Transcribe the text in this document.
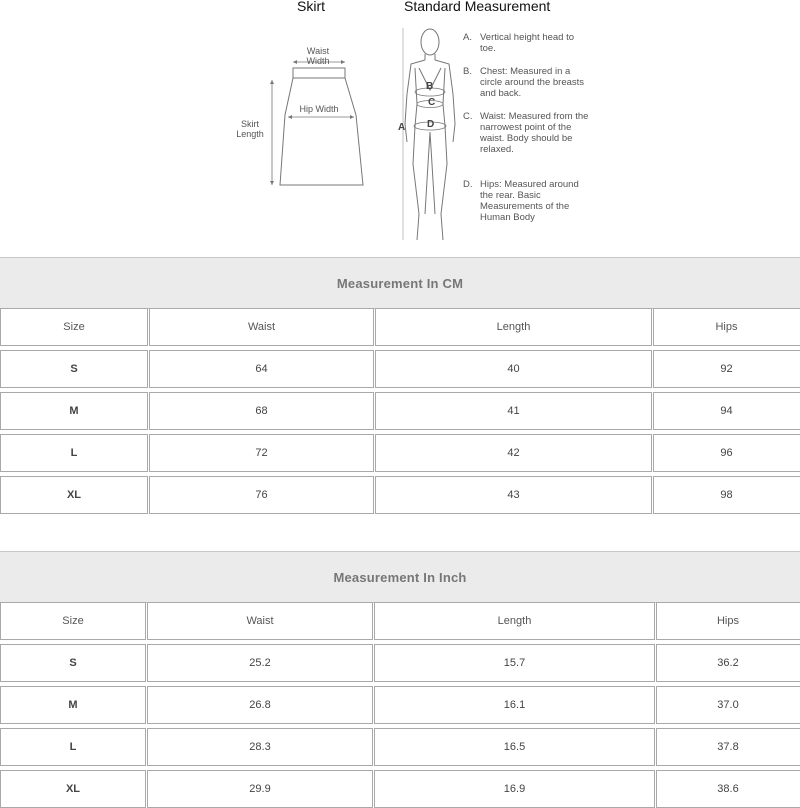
Skirt	Standard Measurement
Waist Width
Hip Width
Skirt Length
B
C
D
A
A. Vertical height head to toe.
B. Chest: Measured in a circle around the breasts and back.
C. Waist: Measured from the narrowest point of the waist. Body should be relaxed.
D. Hips: Measured around the rear. Basic Measurements of the Human Body
Measurement In CM
Size	Waist	Length	Hips
S	64	40	92
M	68	41	94
L	72	42	96
XL	76	43	98
Measurement In Inch
Size	Waist	Length	Hips
S	25.2	15.7	36.2
M	26.8	16.1	37.0
L	28.3	16.5	37.8
XL	29.9	16.9	38.6
